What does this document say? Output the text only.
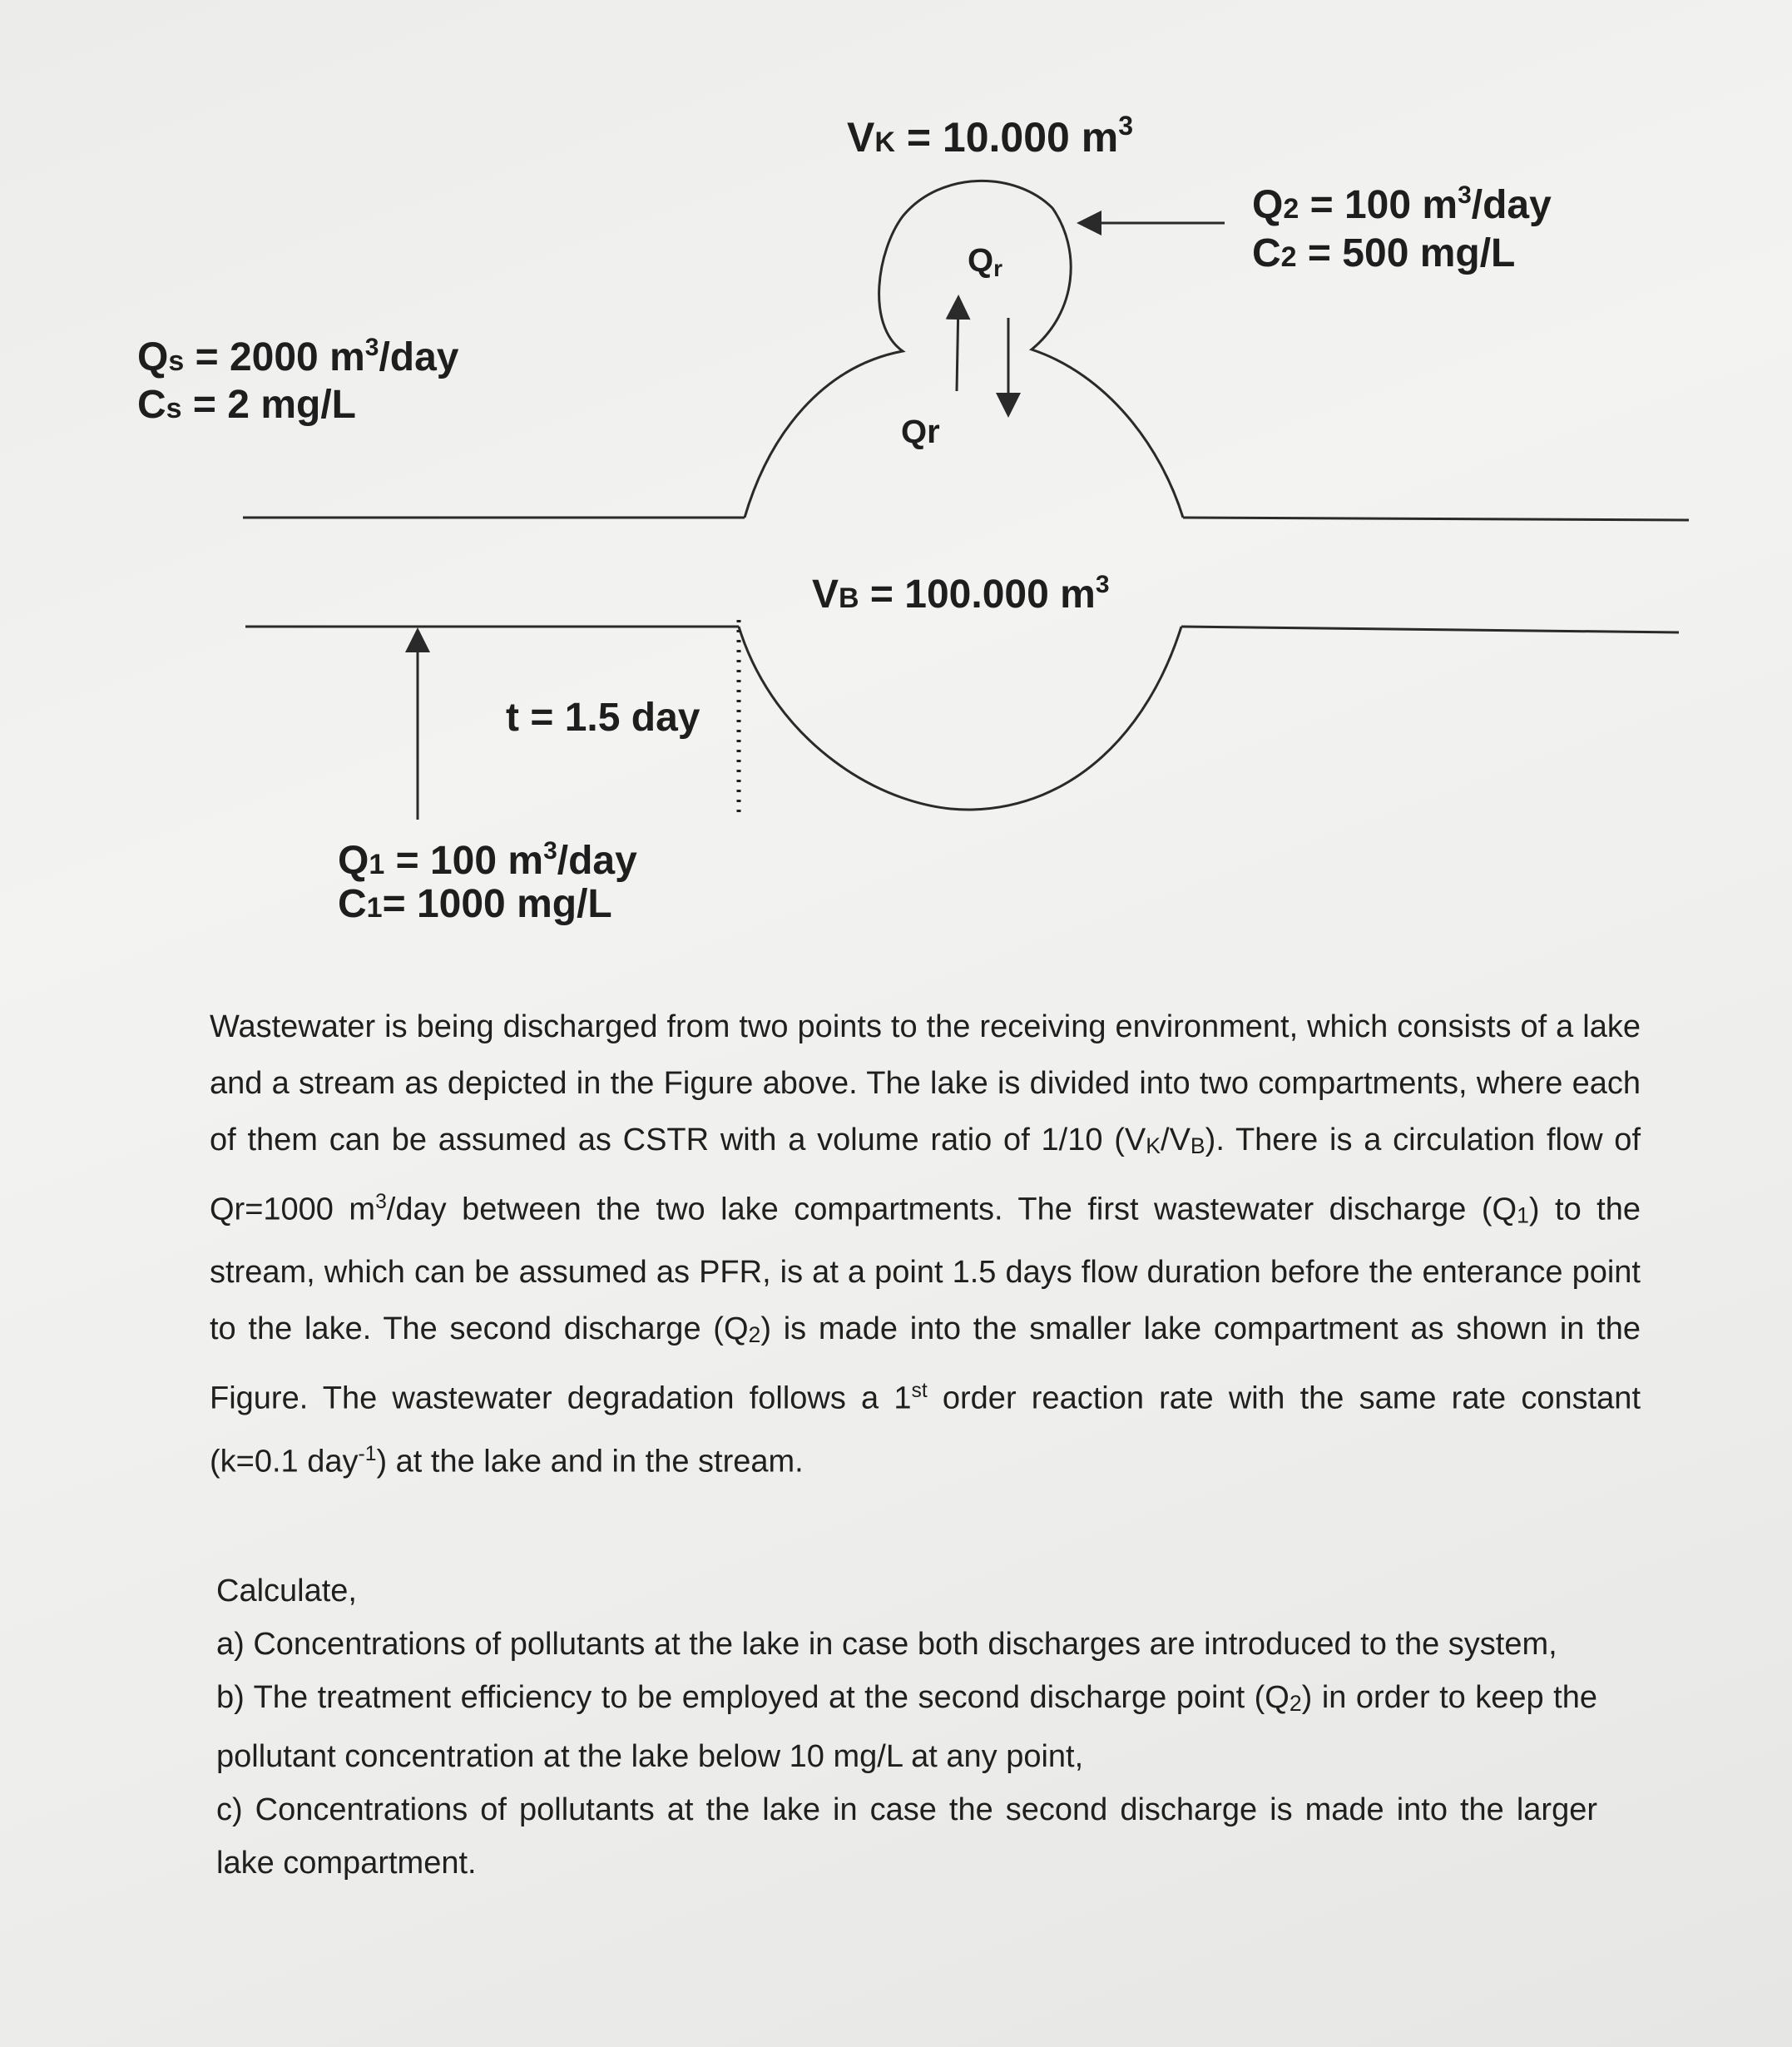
VK = 10.000 $m^3$
Qr
Qr
Q2 = 100 $m^3$/day
C2 = 500 mg/L
Qs = 2000 $m^3$/day
Cs = 2 mg/L
VB = 100.000 $m^3$
t = 1.5 day
Q1 = 100 $m^3$/day
C1= 1000 mg/L

Wastewater is being discharged from two points to the receiving environment, which consists of a lake and a stream as depicted in the Figure above. The lake is divided into two compartments, where each of them can be assumed as CSTR with a volume ratio of 1/10 (VK/VB). There is a circulation flow of Qr=1000 $m^3$/day between the two lake compartments. The first wastewater discharge (Q1) to the stream, which can be assumed as PFR, is at a point 1.5 days flow duration before the enterance point to the lake. The second discharge (Q2) is made into the smaller lake compartment as shown in the Figure. The wastewater degradation follows a 1st order reaction rate with the same rate constant (k=0.1 day$^{-1}$) at the lake and in the stream.

Calculate,

a) Concentrations of pollutants at the lake in case both discharges are introduced to the system,
b) The treatment efficiency to be employed at the second discharge point (Q2) in order to keep the pollutant concentration at the lake below 10 mg/L at any point,
c) Concentrations of pollutants at the lake in case the second discharge is made into the larger lake compartment.
